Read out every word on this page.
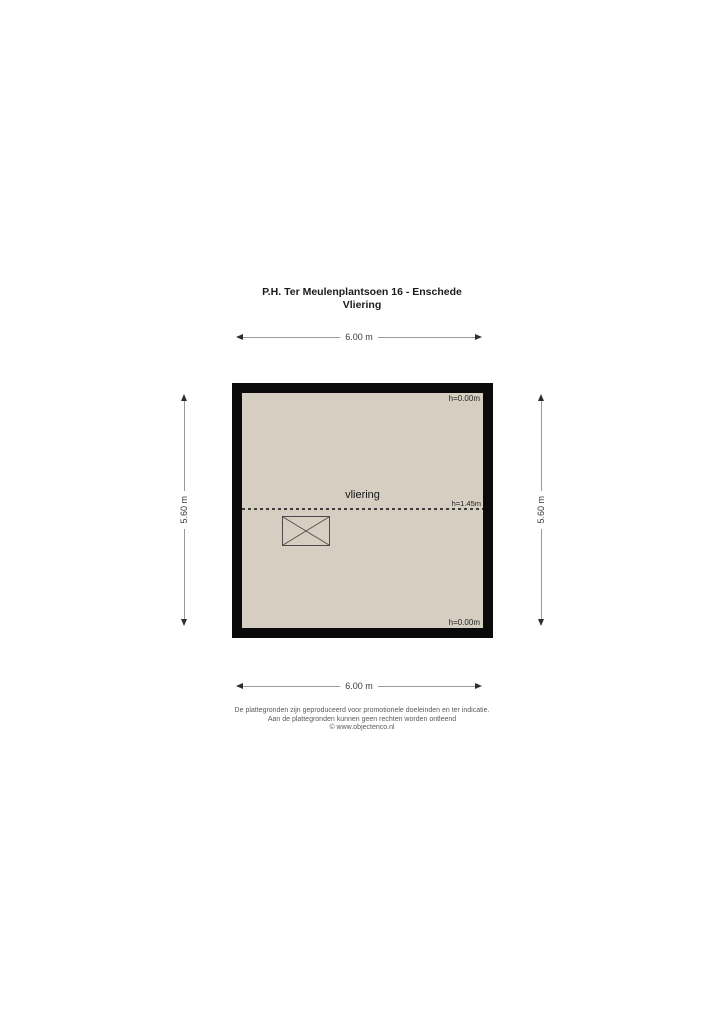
P.H. Ter Meulenplantsoen 16 - Enschede
Vliering
6.00 m
5.60 m	5.60 m
h=0.00m
vliering
h=1.45m
h=0.00m
6.00 m
De plattegronden zijn geproduceerd voor promotionele doeleinden en ter indicatie.
Aan de plattegronden kunnen geen rechten worden ontleend
© www.objectenco.nl
